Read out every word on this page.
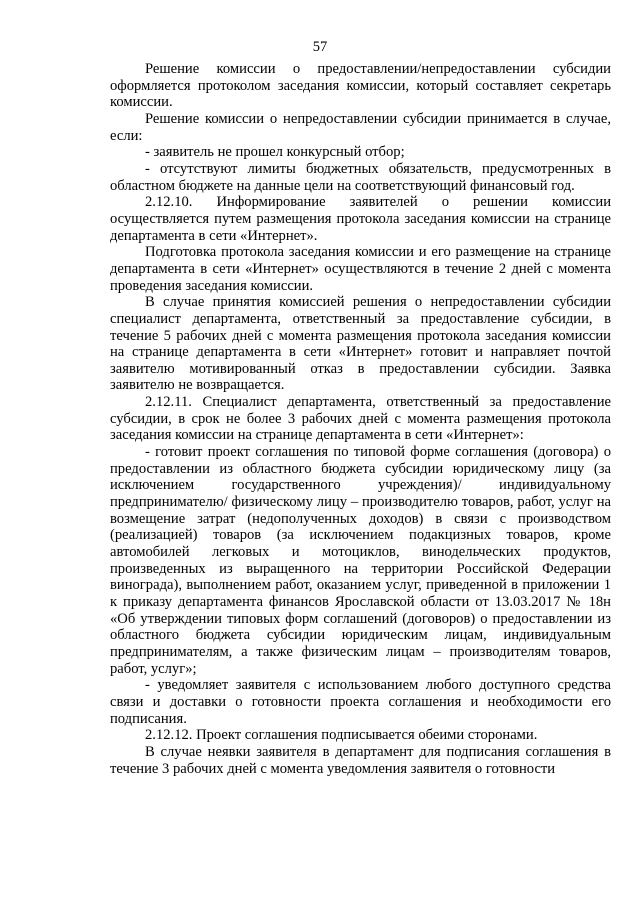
57

Решение комиссии о предоставлении/непредоставлении субсидии оформляется протоколом заседания комиссии, который составляет секретарь комиссии.

Решение комиссии о непредоставлении субсидии принимается в случае, если:

- заявитель не прошел конкурсный отбор;

- отсутствуют лимиты бюджетных обязательств, предусмотренных в областном бюджете на данные цели на соответствующий финансовый год.

2.12.10. Информирование заявителей о решении комиссии осуществляется путем размещения протокола заседания комиссии на странице департамента в сети «Интернет».

Подготовка протокола заседания комиссии и его размещение на странице департамента в сети «Интернет» осуществляются в течение 2 дней с момента проведения заседания комиссии.

В случае принятия комиссией решения о непредоставлении субсидии специалист департамента, ответственный за предоставление субсидии, в течение 5 рабочих дней с момента размещения протокола заседания комиссии на странице департамента в сети «Интернет» готовит и направляет почтой заявителю мотивированный отказ в предоставлении субсидии. Заявка заявителю не возвращается.

2.12.11. Специалист департамента, ответственный за предоставление субсидии, в срок не более 3 рабочих дней с момента размещения протокола заседания комиссии на странице департамента в сети «Интернет»:

- готовит проект соглашения по типовой форме соглашения (договора) о предоставлении из областного бюджета субсидии юридическому лицу (за исключением государственного учреждения)/ индивидуальному предпринимателю/ физическому лицу – производителю товаров, работ, услуг на возмещение затрат (недополученных доходов) в связи с производством (реализацией) товаров (за исключением подакцизных товаров, кроме автомобилей легковых и мотоциклов, винодельческих продуктов, произведенных из выращенного на территории Российской Федерации винограда), выполнением работ, оказанием услуг, приведенной в приложении 1 к приказу департамента финансов Ярославской области от 13.03.2017 № 18н «Об утверждении типовых форм соглашений (договоров) о предоставлении из областного бюджета субсидии юридическим лицам, индивидуальным предпринимателям, а также физическим лицам – производителям товаров, работ, услуг»;

- уведомляет заявителя с использованием любого доступного средства связи и доставки о готовности проекта соглашения и необходимости его подписания.

2.12.12. Проект соглашения подписывается обеими сторонами.

В случае неявки заявителя в департамент для подписания соглашения в течение 3 рабочих дней с момента уведомления заявителя о готовности
